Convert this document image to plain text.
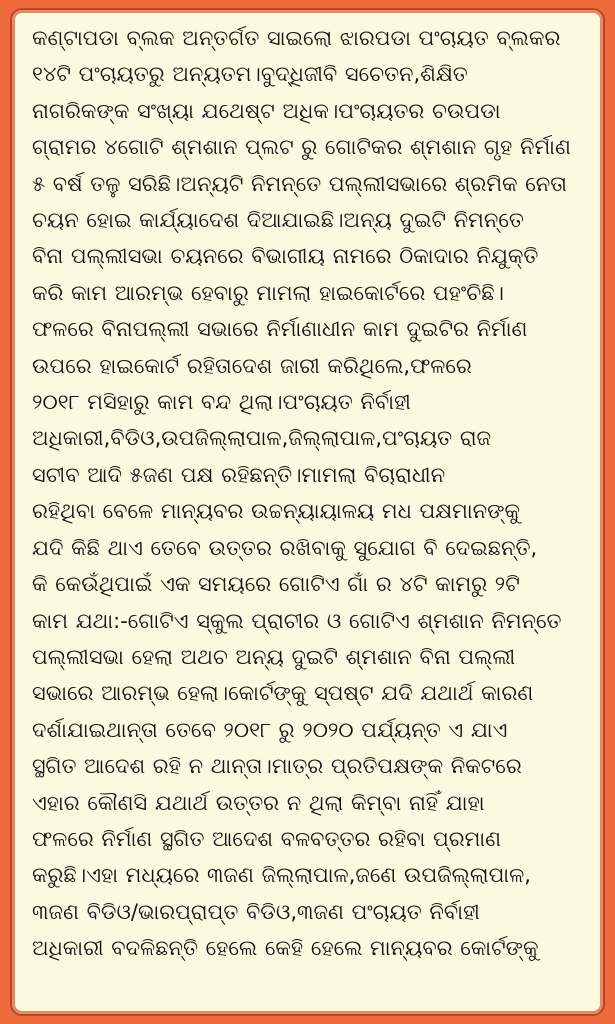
କଣ୍ଟାପଡା ବ୍ଲକ ଅନ୍ତର୍ଗତ ସାଇଲୋ ଝାରପଡା ପଂଚାୟତ ବ୍ଲକର
୧୪ଟି ପଂଚାୟତରୁ ଅନ୍ୟତମ।ବୁଦ୍ଧିଜୀବି ସଚେତନ,ଶିକ୍ଷିତ
ନାଗରିକଙ୍କ ସଂଖ୍ୟା ଯଥେଷ୍ଟ ଅଧିକ।ପଂଚାୟତର ଚଉପଡା
ଗ୍ରାମର ୪ଗୋଟି ଶ୍ମଶାନ ପ୍ଲଟ ରୁ ଗୋଟିକର ଶ୍ମଶାନ ଗୃହ ନିର୍ମାଣ
୫ ବର୍ଷ ତଳୁ ସରିଛି।ଅନ୍ୟଟି ନିମନ୍ତେ ପଲ୍ଲୀସଭାରେ ଶ୍ରମିକ ନେତା
ଚୟନ ହୋଇ କାର୍ଯ୍ୟାଦେଶ ଦିଆଯାଇଛି।ଅନ୍ୟ ଦୁଇଟି ନିମନ୍ତେ
ବିନା ପଲ୍ଲୀସଭା ଚୟନରେ ବିଭାଗୀୟ ନାମରେ ଠିକାଦାର ନିଯୁକ୍ତି
କରି କାମ ଆରମ୍ଭ ହେବାରୁ ମାମଲା ହାଇକୋର୍ଟରେ ପହଂଚିଛି।
ଫଳରେ ବିନାପଲ୍ଲୀ ସଭାରେ ନିର୍ମାଣାଧୀନ କାମ ଦୁଇଟିର ନିର୍ମାଣ
ଉପରେ ହାଇକୋର୍ଟ ରହିତାଦେଶ ଜାରୀ କରିଥିଲେ,ଫଳରେ
୨୦୧୮ ମସିହାରୁ କାମ ବନ୍ଦ ଥିଲା।ପଂଚାୟତ ନିର୍ବାହୀ
ଅଧିକାରୀ,ବିଡିଓ,ଉପଜିଲ୍ଲାପାଳ,ଜିଲ୍ଲାପାଳ,ପଂଚାୟତ ରାଜ
ସଚୀବ ଆଦି ୫ଜଣ ପକ୍ଷ ରହିଛନ୍ତି।ମାମଲା ବିଚାରାଧୀନ
ରହିଥିବା ବେଳେ ମାନ୍ୟବର ଉଚ୍ଚନ୍ୟାୟାଳୟ ମଧ ପକ୍ଷମାନଙ୍କୁ
ଯଦି କିଛି ଥାଏ ତେବେ ଉତ୍ତର ରଖିବାକୁ ସୁଯୋଗ ବି ଦେଇଛନ୍ତି,
କି କେଉଁଥିପାଇଁ ଏକ ସମୟରେ ଗୋଟିଏ ଗାଁ ର ୪ଟି କାମରୁ ୨ଟି
କାମ ଯଥା:-ଗୋଟିଏ ସ୍କୁଲ ପ୍ରାଚୀର ଓ ଗୋଟିଏ ଶ୍ମଶାନ ନିମନ୍ତେ
ପଲ୍ଲୀସଭା ହେଲା ଅଥଚ ଅନ୍ୟ ଦୁଇଟି ଶ୍ମଶାନ ବିନା ପଲ୍ଲୀ
ସଭାରେ ଆରମ୍ଭ ହେଲା।କୋର୍ଟଙ୍କୁ ସ୍ପଷ୍ଟ ଯଦି ଯଥାର୍ଥ କାରଣ
ଦର୍ଶାଯାଇଥାନ୍ତା ତେବେ ୨୦୧୮ ରୁ ୨୦୨୦ ପର୍ଯ୍ୟନ୍ତ ଏ ଯାଏ
ସ୍ଥଗିତ ଆଦେଶ ରହି ନ ଥାନ୍ତା।ମାତ୍ର ପ୍ରତିପକ୍ଷଙ୍କ ନିକଟରେ
ଏହାର କୌଣସି ଯଥାର୍ଥ ଉତ୍ତର ନ ଥିଲା କିମ୍ବା ନାହିଁ ଯାହା
ଫଳରେ ନିର୍ମାଣ ସ୍ଥଗିତ ଆଦେଶ ବଳବତ୍ତର ରହିବା ପ୍ରମାଣ
କରୁଛି।ଏହା ମଧ୍ୟରେ ୩ଜଣ ଜିଲ୍ଲାପାଳ,ଜଣେ ଉପଜିଲ୍ଲାପାଳ,
୩ଜଣ ବିଡିଓ/ଭାରପ୍ରାପ୍ତ ବିଡିଓ,୩ଜଣ ପଂଚାୟତ ନିର୍ବାହୀ
ଅଧିକାରୀ ବଦଳିଛନ୍ତି ହେଲେ କେହି ହେଲେ ମାନ୍ୟବର କୋର୍ଟଙ୍କୁ
